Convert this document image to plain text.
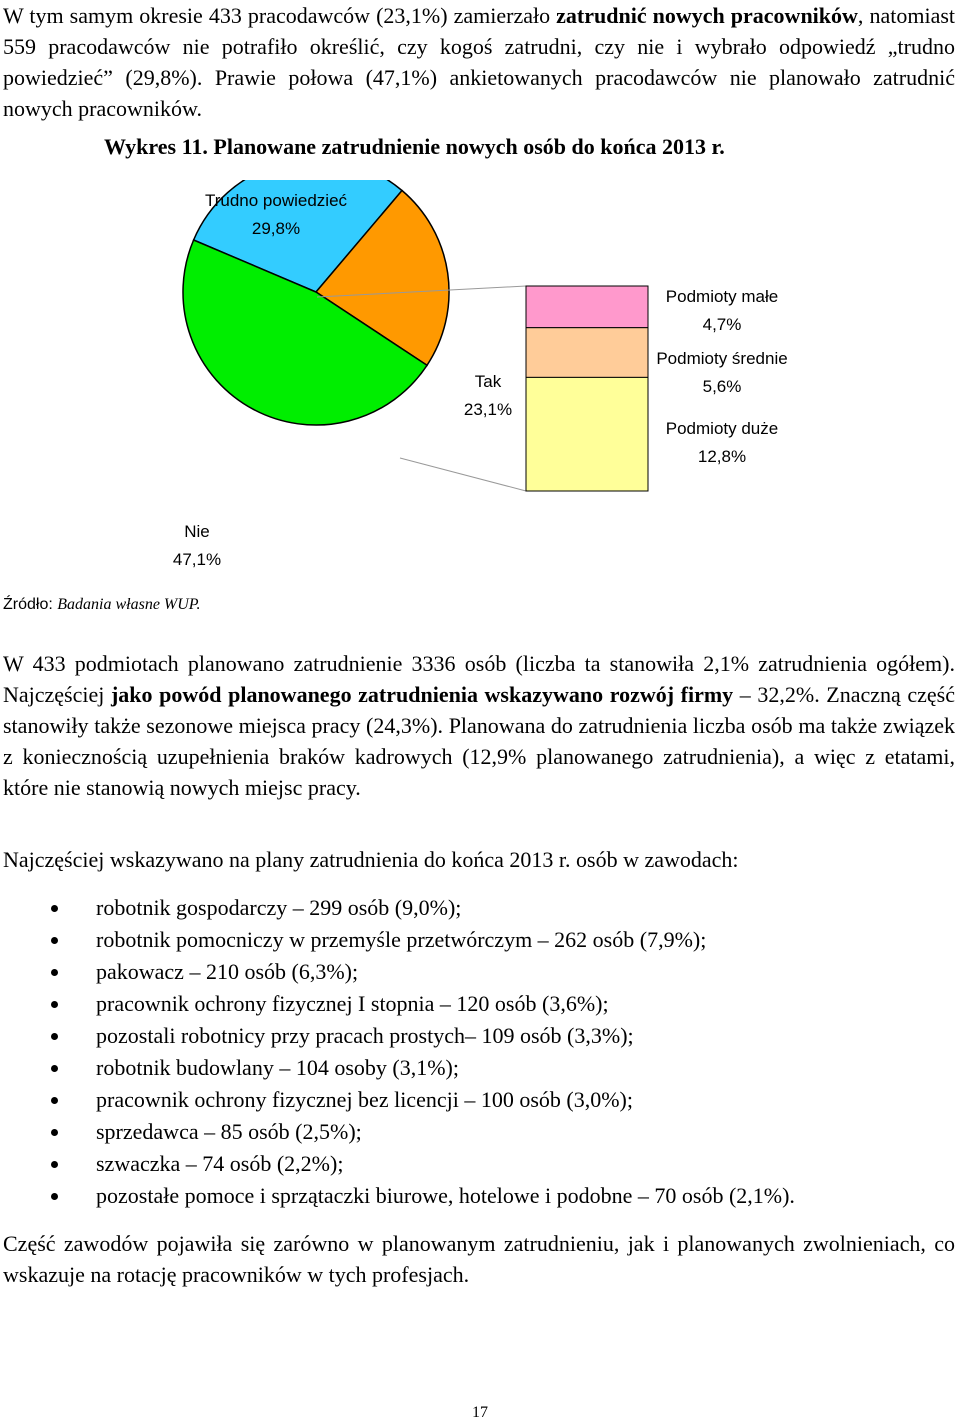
W tym samym okresie 433 pracodawców (23,1%) zamierzało zatrudnić nowych pracowników, natomiast 559 pracodawców nie potrafiło określić, czy kogoś zatrudni, czy nie i wybrało odpowiedź „trudno powiedzieć” (29,8%). Prawie połowa (47,1%) ankietowanych pracodawców nie planowało zatrudnić nowych pracowników.

Wykres 11. Planowane zatrudnienie nowych osób do końca 2013 r.

Trudno powiedzieć
29,8%
Tak
23,1%
Nie
47,1%
Podmioty małe
4,7%
Podmioty średnie
5,6%
Podmioty duże
12,8%
Źródło: Badania własne WUP.

W 433 podmiotach planowano zatrudnienie 3336 osób (liczba ta stanowiła 2,1% zatrudnienia ogółem). Najczęściej jako powód planowanego zatrudnienia wskazywano rozwój firmy – 32,2%. Znaczną część stanowiły także sezonowe miejsca pracy (24,3%). Planowana do zatrudnienia liczba osób ma także związek z koniecznością uzupełnienia braków kadrowych (12,9% planowanego zatrudnienia), a więc z etatami, które nie stanowią nowych miejsc pracy.

Najczęściej wskazywano na plany zatrudnienia do końca 2013 r. osób w zawodach:

robotnik gospodarczy – 299 osób (9,0%);
robotnik pomocniczy w przemyśle przetwórczym – 262 osób (7,9%);
pakowacz – 210 osób (6,3%);
pracownik ochrony fizycznej I stopnia – 120 osób (3,6%);
pozostali robotnicy przy pracach prostych– 109 osób (3,3%);
robotnik budowlany – 104 osoby (3,1%);
pracownik ochrony fizycznej bez licencji – 100 osób (3,0%);
sprzedawca – 85 osób (2,5%);
szwaczka – 74 osób (2,2%);
pozostałe pomoce i sprzątaczki biurowe, hotelowe i podobne – 70 osób (2,1%).

Część zawodów pojawiła się zarówno w planowanym zatrudnieniu, jak i planowanych zwolnieniach, co wskazuje na rotację pracowników w tych profesjach.

17
